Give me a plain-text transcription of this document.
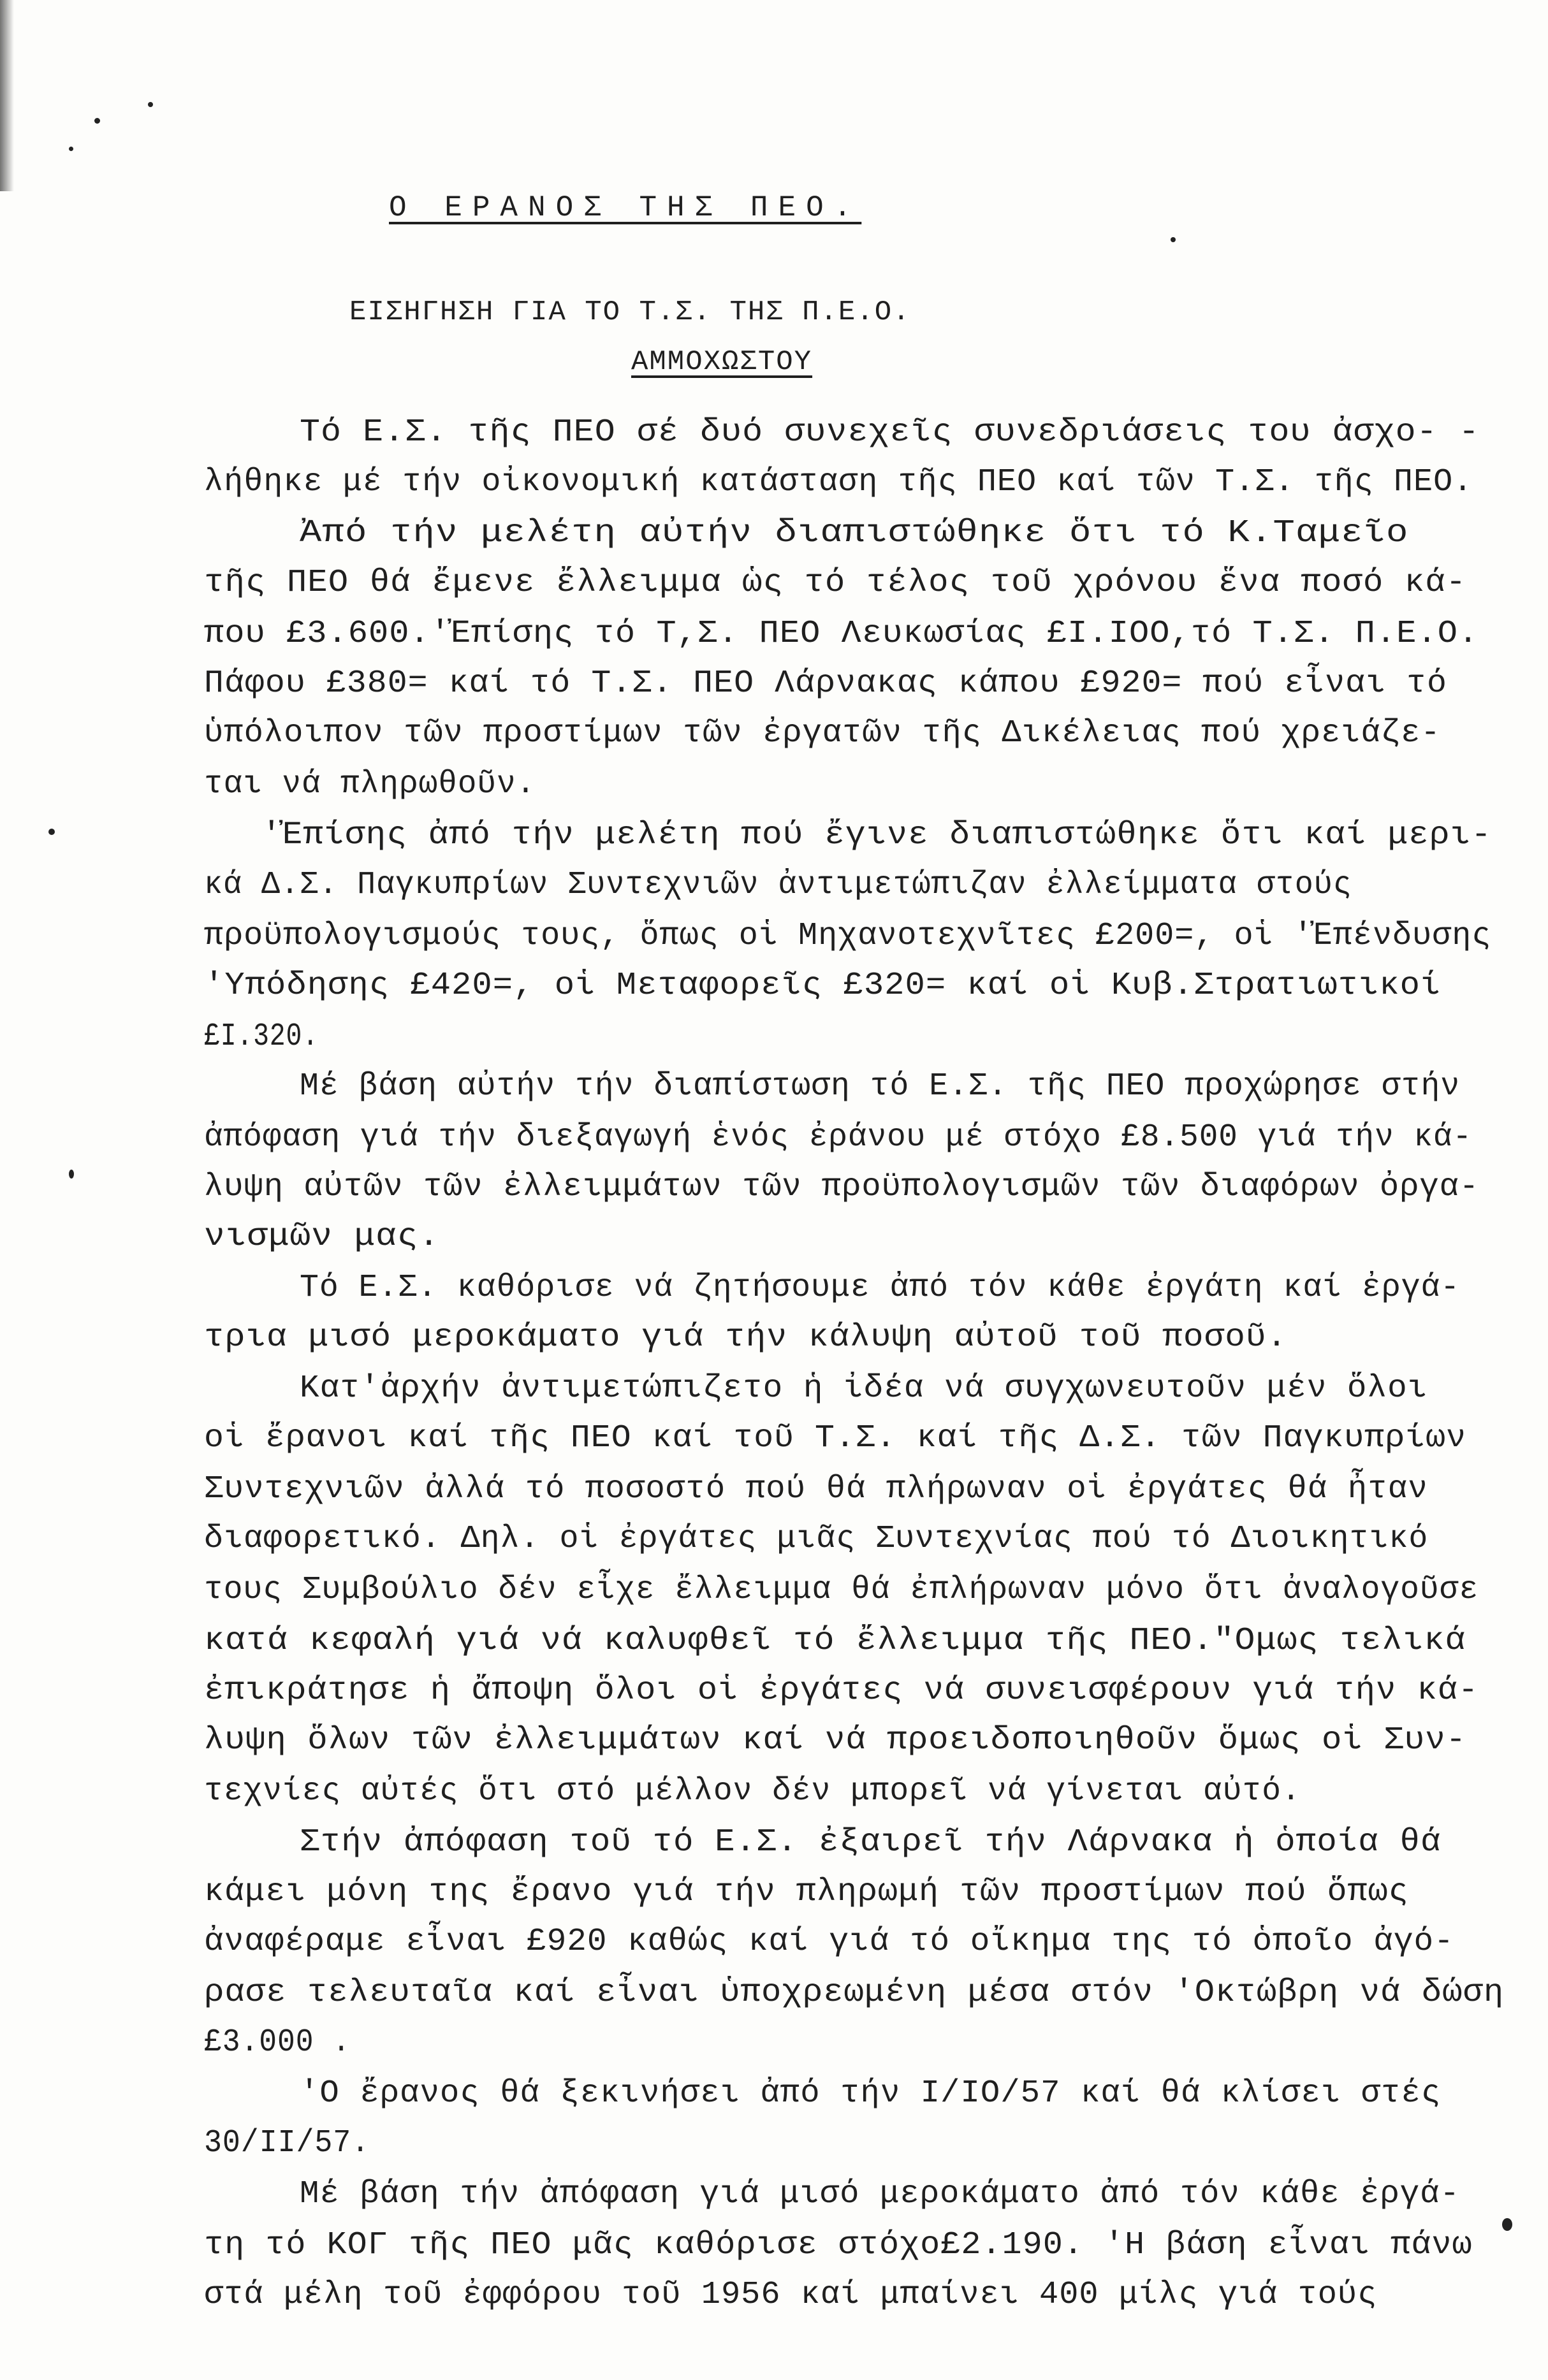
Ο ΕΡΑΝΟΣ ΤΗΣ ΠΕΟ.
ΕΙΣΗΓΗΣΗ ΓΙΑ ΤΟ Τ.Σ. ΤΗΣ Π.Ε.Ο.
ΑΜΜΟΧΩΣΤΟΥ
Τό Ε.Σ. τῆς ΠΕΟ σέ δυό συνεχεῖς συνεδριάσεις του ἀσχο- -
λήθηκε μέ τήν οἰκονομική κατάσταση τῆς ΠΕΟ καί τῶν Τ.Σ. τῆς ΠΕΟ.
Ἀπό τήν μελέτη αὐτήν διαπιστώθηκε ὅτι τό Κ.Ταμεῖο
τῆς ΠΕΟ θά ἔμενε ἔλλειμμα ὡς τό τέλος τοῦ χρόνου ἕνα ποσό κά-
που £3.600.'Ἐπίσης τό Τ,Σ. ΠΕΟ Λευκωσίας £Ι.ΙΟΟ,τό Τ.Σ. Π.Ε.Ο.
Πάφου £380= καί τό Τ.Σ. ΠΕΟ Λάρνακας κάπου £920= πού εἶναι τό
ὑπόλοιπον τῶν προστίμων τῶν ἐργατῶν τῆς Δικέλειας πού χρειάζε-
ται νά πληρωθοῦν.
'Ἐπίσης ἀπό τήν μελέτη πού ἔγινε διαπιστώθηκε ὅτι καί μερι-
κά Δ.Σ. Παγκυπρίων Συντεχνιῶν ἀντιμετώπιζαν ἐλλείμματα στούς
προϋπολογισμούς τους, ὅπως οἱ Μηχανοτεχνῖτες £200=, οἱ 'Ἐπένδυσης
'Υπόδησης £420=, οἱ Μεταφορεῖς £320= καί οἱ Κυβ.Στρατιωτικοί
£Ι.320.
Μέ βάση αὐτήν τήν διαπίστωση τό Ε.Σ. τῆς ΠΕΟ προχώρησε στήν
ἀπόφαση γιά τήν διεξαγωγή ἑνός ἐράνου μέ στόχο £8.500 γιά τήν κά-
λυψη αὐτῶν τῶν ἐλλειμμάτων τῶν προϋπολογισμῶν τῶν διαφόρων ὀργα-
νισμῶν μας.
Τό Ε.Σ. καθόρισε νά ζητήσουμε ἀπό τόν κάθε ἐργάτη καί ἐργά-
τρια μισό μεροκάματο γιά τήν κάλυψη αὐτοῦ τοῦ ποσοῦ.
Κατ'ἀρχήν ἀντιμετώπιζετο ἡ ἰδέα νά συγχωνευτοῦν μέν ὅλοι
οἱ ἔρανοι καί τῆς ΠΕΟ καί τοῦ Τ.Σ. καί τῆς Δ.Σ. τῶν Παγκυπρίων
Συντεχνιῶν ἀλλά τό ποσοστό πού θά πλήρωναν οἱ ἐργάτες θά ἦταν
διαφορετικό. Δηλ. οἱ ἐργάτες μιᾶς Συντεχνίας πού τό Διοικητικό
τους Συμβούλιο δέν εἶχε ἔλλειμμα θά ἐπλήρωναν μόνο ὅτι ἀναλογοῦσε
κατά κεφαλή γιά νά καλυφθεῖ τό ἔλλειμμα τῆς ΠΕΟ."Ομως τελικά
ἐπικράτησε ἡ ἄποψη ὅλοι οἱ ἐργάτες νά συνεισφέρουν γιά τήν κά-
λυψη ὅλων τῶν ἐλλειμμάτων καί νά προειδοποιηθοῦν ὅμως οἱ Συν-
τεχνίες αὐτές ὅτι στό μέλλον δέν μπορεῖ νά γίνεται αὐτό.
Στήν ἀπόφαση τοῦ τό Ε.Σ. ἐξαιρεῖ τήν Λάρνακα ἡ ὁποία θά
κάμει μόνη της ἔρανο γιά τήν πληρωμή τῶν προστίμων πού ὅπως
ἀναφέραμε εἶναι £920 καθώς καί γιά τό οἴκημα της τό ὁποῖο ἀγό-
ρασε τελευταῖα καί εἶναι ὑποχρεωμένη μέσα στόν 'Οκτώβρη νά δώση
£3.000 .
'Ο ἔρανος θά ξεκινήσει ἀπό τήν Ι/ΙΟ/57 καί θά κλίσει στές
30/ΙΙ/57.
Μέ βάση τήν ἀπόφαση γιά μισό μεροκάματο ἀπό τόν κάθε ἐργά-
τη τό ΚΟΓ τῆς ΠΕΟ μᾶς καθόρισε στόχο£2.190. 'Η βάση εἶναι πάνω
στά μέλη τοῦ ἐφφόρου τοῦ 1956 καί μπαίνει 400 μίλς γιά τούς
